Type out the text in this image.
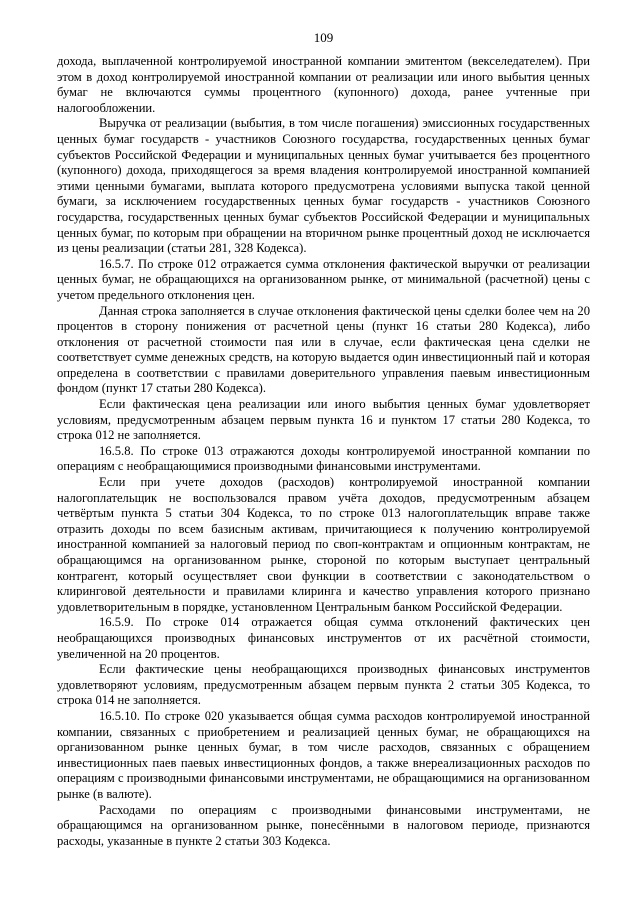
109

дохода, выплаченной контролируемой иностранной компании эмитентом (векселедателем). При этом в доход контролируемой иностранной компании от реализации или иного выбытия ценных бумаг не включаются суммы процентного (купонного) дохода, ранее учтенные при налогообложении.

Выручка от реализации (выбытия, в том числе погашения) эмиссионных государственных ценных бумаг государств - участников Союзного государства, государственных ценных бумаг субъектов Российской Федерации и муниципальных ценных бумаг учитывается без процентного (купонного) дохода, приходящегося за время владения контролируемой иностранной компанией этими ценными бумагами, выплата которого предусмотрена условиями выпуска такой ценной бумаги, за исключением государственных ценных бумаг государств - участников Союзного государства, государственных ценных бумаг субъектов Российской Федерации и муниципальных ценных бумаг, по которым при обращении на вторичном рынке процентный доход не исключается из цены реализации (статьи 281, 328 Кодекса).

16.5.7. По строке 012 отражается сумма отклонения фактической выручки от реализации ценных бумаг, не обращающихся на организованном рынке, от минимальной (расчетной) цены с учетом предельного отклонения цен.

Данная строка заполняется в случае отклонения фактической цены сделки более чем на 20 процентов в сторону понижения от расчетной цены (пункт 16 статьи 280 Кодекса), либо отклонения от расчетной стоимости пая или в случае, если фактическая цена сделки не соответствует сумме денежных средств, на которую выдается один инвестиционный пай и которая определена в соответствии с правилами доверительного управления паевым инвестиционным фондом (пункт 17 статьи 280 Кодекса).

Если фактическая цена реализации или иного выбытия ценных бумаг удовлетворяет условиям, предусмотренным абзацем первым пункта 16 и пунктом 17 статьи 280 Кодекса, то строка 012 не заполняется.

16.5.8. По строке 013 отражаются доходы контролируемой иностранной компании по операциям с необращающимися производными финансовыми инструментами.

Если при учете доходов (расходов) контролируемой иностранной компании налогоплательщик не воспользовался правом учёта доходов, предусмотренным абзацем четвёртым пункта 5 статьи 304 Кодекса, то по строке 013 налогоплательщик вправе также отразить доходы по всем базисным активам, причитающиеся к получению контролируемой иностранной компанией за налоговый период по своп-контрактам и опционным контрактам, не обращающимся на организованном рынке, стороной по которым выступает центральный контрагент, который осуществляет свои функции в соответствии с законодательством о клиринговой деятельности и правилами клиринга и качество управления которого признано удовлетворительным в порядке, установленном Центральным банком Российской Федерации.

16.5.9. По строке 014 отражается общая сумма отклонений фактических цен необращающихся производных финансовых инструментов от их расчётной стоимости, увеличенной на 20 процентов.

Если фактические цены необращающихся производных финансовых инструментов удовлетворяют условиям, предусмотренным абзацем первым пункта 2 статьи 305 Кодекса, то строка 014 не заполняется.

16.5.10. По строке 020 указывается общая сумма расходов контролируемой иностранной компании, связанных с приобретением и реализацией ценных бумаг, не обращающихся на организованном рынке ценных бумаг, в том числе расходов, связанных с обращением инвестиционных паев паевых инвестиционных фондов, а также внереализационных расходов по операциям с производными финансовыми инструментами, не обращающимися на организованном рынке (в валюте).

Расходами по операциям с производными финансовыми инструментами, не обращающимся на организованном рынке, понесёнными в налоговом периоде, признаются расходы, указанные в пункте 2 статьи 303 Кодекса.
